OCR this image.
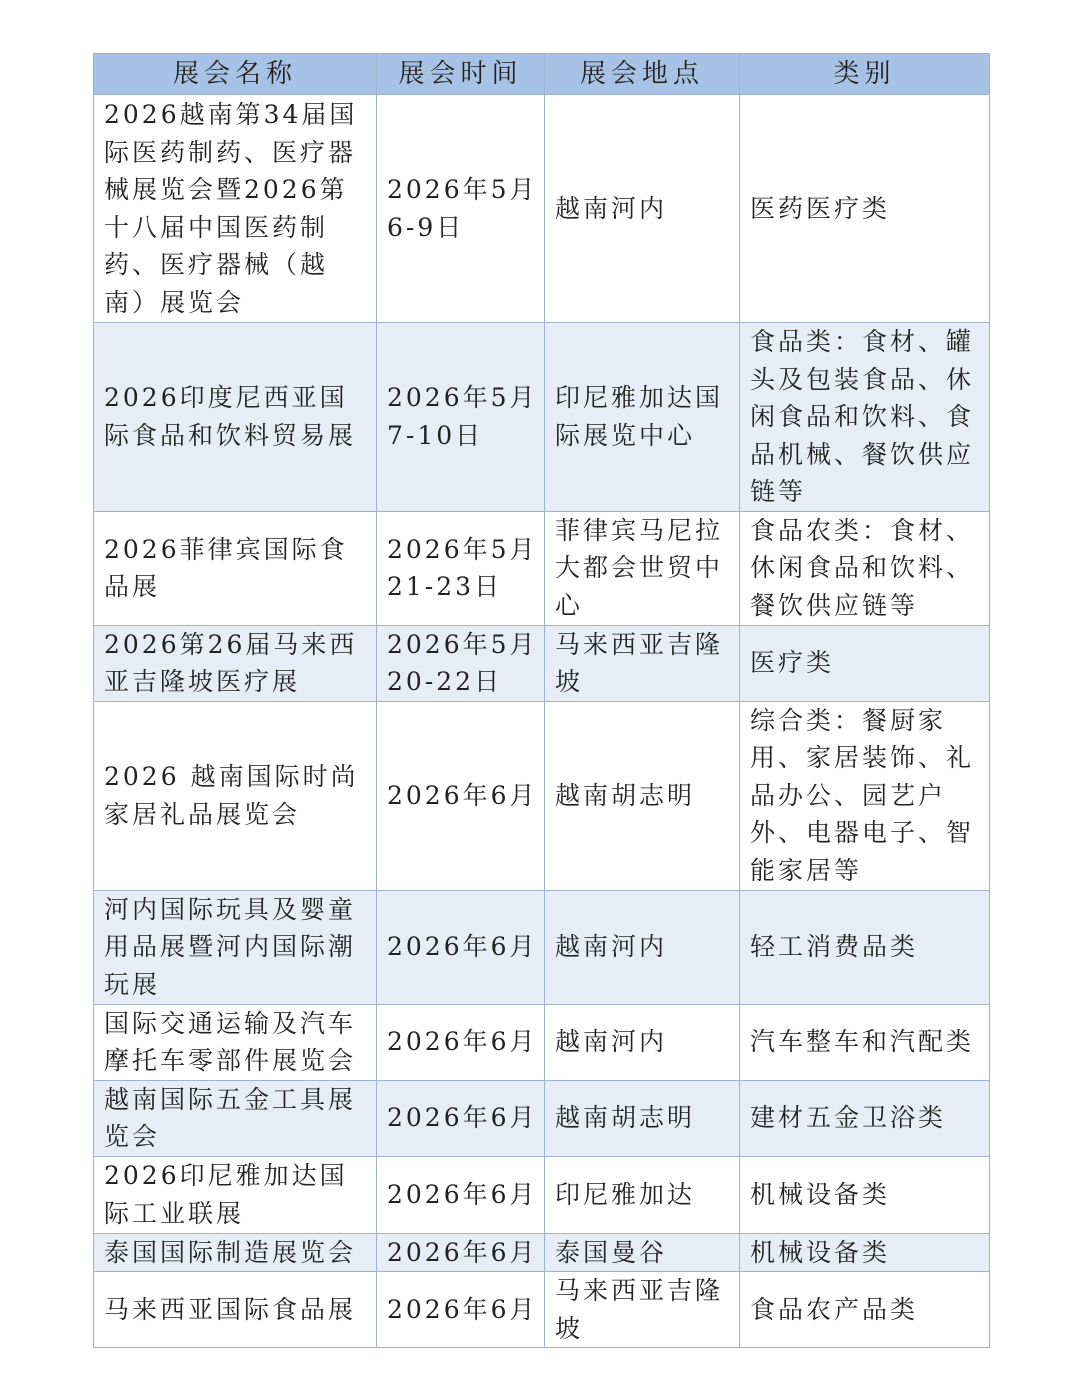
展会名称	展会时间	展会地点	类别
2026越南第34届国际医药制药、医疗器械展览会暨2026第十八届中国医药制药、医疗器械（越南）展览会	2026年5月6-9日	越南河内	医药医疗类
2026印度尼西亚国际食品和饮料贸易展	2026年5月7-10日	印尼雅加达国际展览中心	食品类：食材、罐头及包装食品、休闲食品和饮料、食品机械、餐饮供应链等
2026菲律宾国际食品展	2026年5月21-23日	菲律宾马尼拉大都会世贸中心	食品农类：食材、休闲食品和饮料、餐饮供应链等
2026第26届马来西亚吉隆坡医疗展	2026年5月20-22日	马来西亚吉隆坡	医疗类
2026 越南国际时尚家居礼品展览会	2026年6月	越南胡志明	综合类：餐厨家用、家居装饰、礼品办公、园艺户外、电器电子、智能家居等
河内国际玩具及婴童用品展暨河内国际潮玩展	2026年6月	越南河内	轻工消费品类
国际交通运输及汽车摩托车零部件展览会	2026年6月	越南河内	汽车整车和汽配类
越南国际五金工具展览会	2026年6月	越南胡志明	建材五金卫浴类
2026印尼雅加达国际工业联展	2026年6月	印尼雅加达	机械设备类
泰国国际制造展览会	2026年6月	泰国曼谷	机械设备类
马来西亚国际食品展	2026年6月	马来西亚吉隆坡	食品农产品类
